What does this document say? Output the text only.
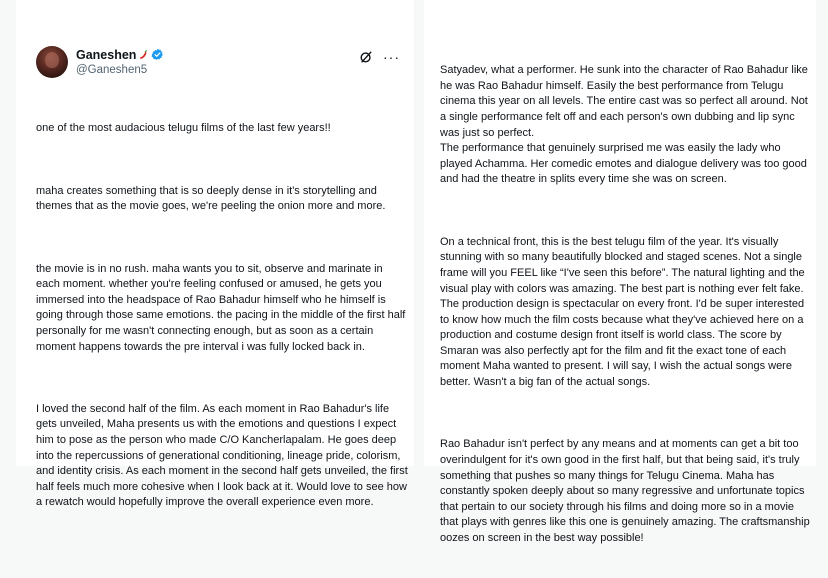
Ganeshen
@Ganeshen5
···

one of the most audacious telugu films of the last few years!!

maha creates something that is so deeply dense in it's storytelling and themes that as the movie goes, we're peeling the onion more and more.

the movie is in no rush. maha wants you to sit, observe and marinate in each moment. whether you're feeling confused or amused, he gets you immersed into the headspace of Rao Bahadur himself who he himself is going through those same emotions. the pacing in the middle of the first half personally for me wasn't connecting enough, but as soon as a certain moment happens towards the pre interval i was fully locked back in.

I loved the second half of the film. As each moment in Rao Bahadur's life gets unveiled, Maha presents us with the emotions and questions I expect him to pose as the person who made C/O Kancherlapalam. He goes deep into the repercussions of generational conditioning, lineage pride, colorism, and identity crisis. As each moment in the second half gets unveiled, the first half feels much more cohesive when I look back at it. Would love to see how a rewatch would hopefully improve the overall experience even more.

Satyadev, what a performer. He sunk into the character of Rao Bahadur like he was Rao Bahadur himself. Easily the best performance from Telugu cinema this year on all levels. The entire cast was so perfect all around. Not a single performance felt off and each person's own dubbing and lip sync was just so perfect.
The performance that genuinely surprised me was easily the lady who played Achamma. Her comedic emotes and dialogue delivery was too good and had the theatre in splits every time she was on screen.

On a technical front, this is the best telugu film of the year. It's visually stunning with so many beautifully blocked and staged scenes. Not a single frame will you FEEL like “I've seen this before”. The natural lighting and the visual play with colors was amazing. The best part is nothing ever felt fake. The production design is spectacular on every front. I'd be super interested to know how much the film costs because what they've achieved here on a production and costume design front itself is world class. The score by Smaran was also perfectly apt for the film and fit the exact tone of each moment Maha wanted to present. I will say, I wish the actual songs were better. Wasn't a big fan of the actual songs.

Rao Bahadur isn't perfect by any means and at moments can get a bit too overindulgent for it's own good in the first half, but that being said, it's truly something that pushes so many things for Telugu Cinema. Maha has constantly spoken deeply about so many regressive and unfortunate topics that pertain to our society through his films and doing more so in a movie that plays with genres like this one is genuinely amazing. The craftsmanship oozes on screen in the best way possible!
